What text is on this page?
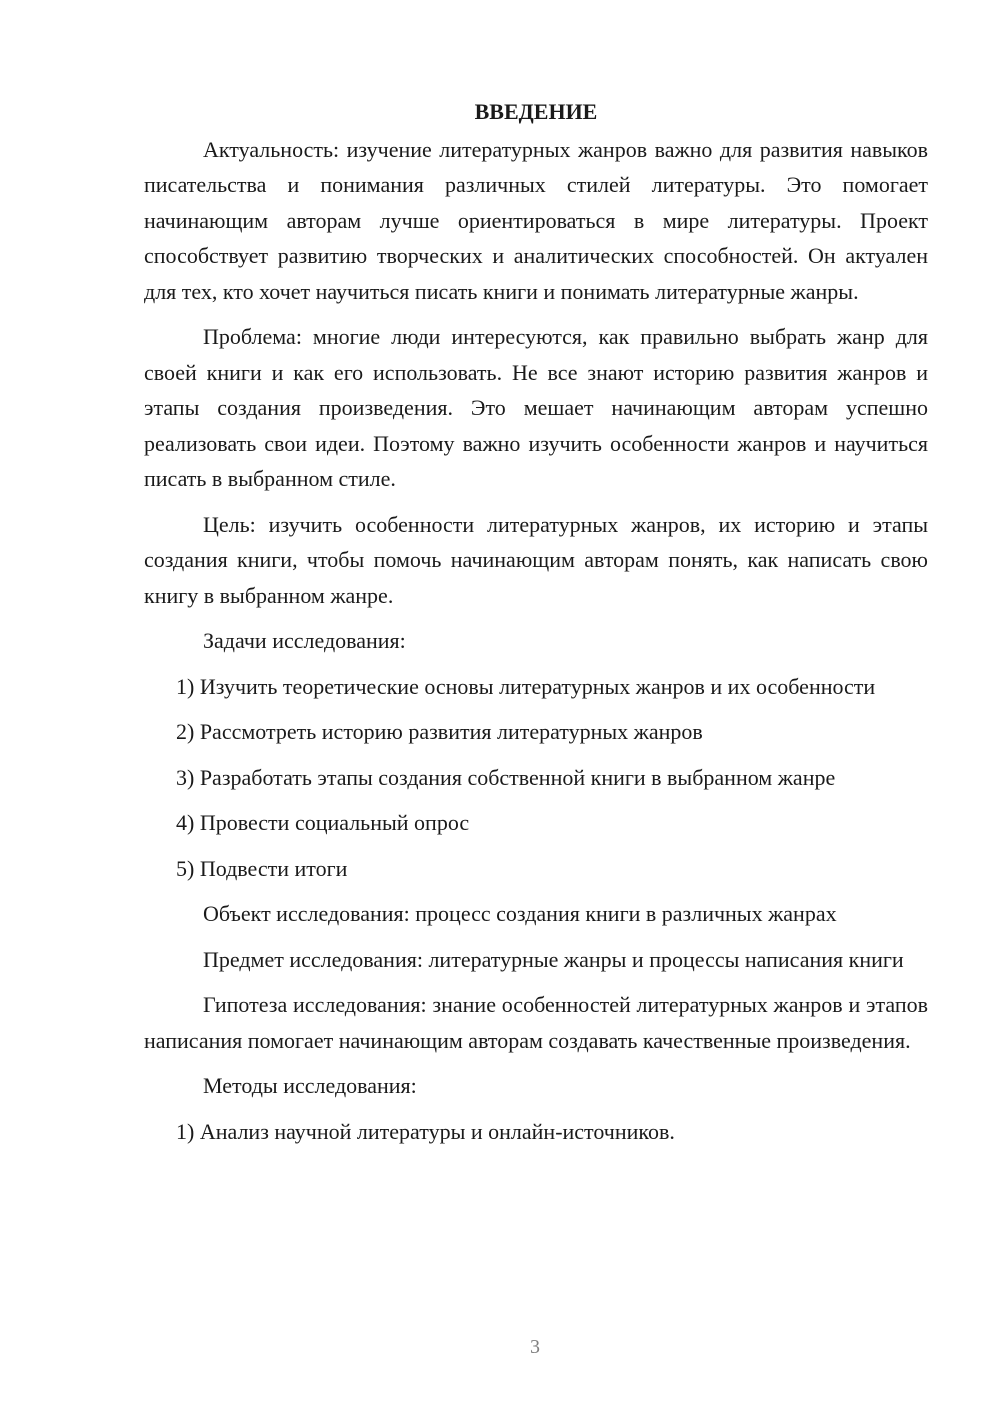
ВВЕДЕНИЕ

Актуальность: изучение литературных жанров важно для развития навыков писательства и понимания различных стилей литературы. Это помогает начинающим авторам лучше ориентироваться в мире литературы. Проект способствует развитию творческих и аналитических способностей. Он актуален для тех, кто хочет научиться писать книги и понимать литературные жанры.

Проблема: многие люди интересуются, как правильно выбрать жанр для своей книги и как его использовать. Не все знают историю развития жанров и этапы создания произведения. Это мешает начинающим авторам успешно реализовать свои идеи. Поэтому важно изучить особенности жанров и научиться писать в выбранном стиле.

Цель: изучить особенности литературных жанров, их историю и этапы создания книги, чтобы помочь начинающим авторам понять, как написать свою книгу в выбранном жанре.

Задачи исследования:

1) Изучить теоретические основы литературных жанров и их особенности

2) Рассмотреть историю развития литературных жанров

3) Разработать этапы создания собственной книги в выбранном жанре

4) Провести социальный опрос

5) Подвести итоги

Объект исследования: процесс создания книги в различных жанрах

Предмет исследования: литературные жанры и процессы написания книги

Гипотеза исследования: знание особенностей литературных жанров и этапов написания помогает начинающим авторам создавать качественные произведения.

Методы исследования:

1) Анализ научной литературы и онлайн-источников.

3
